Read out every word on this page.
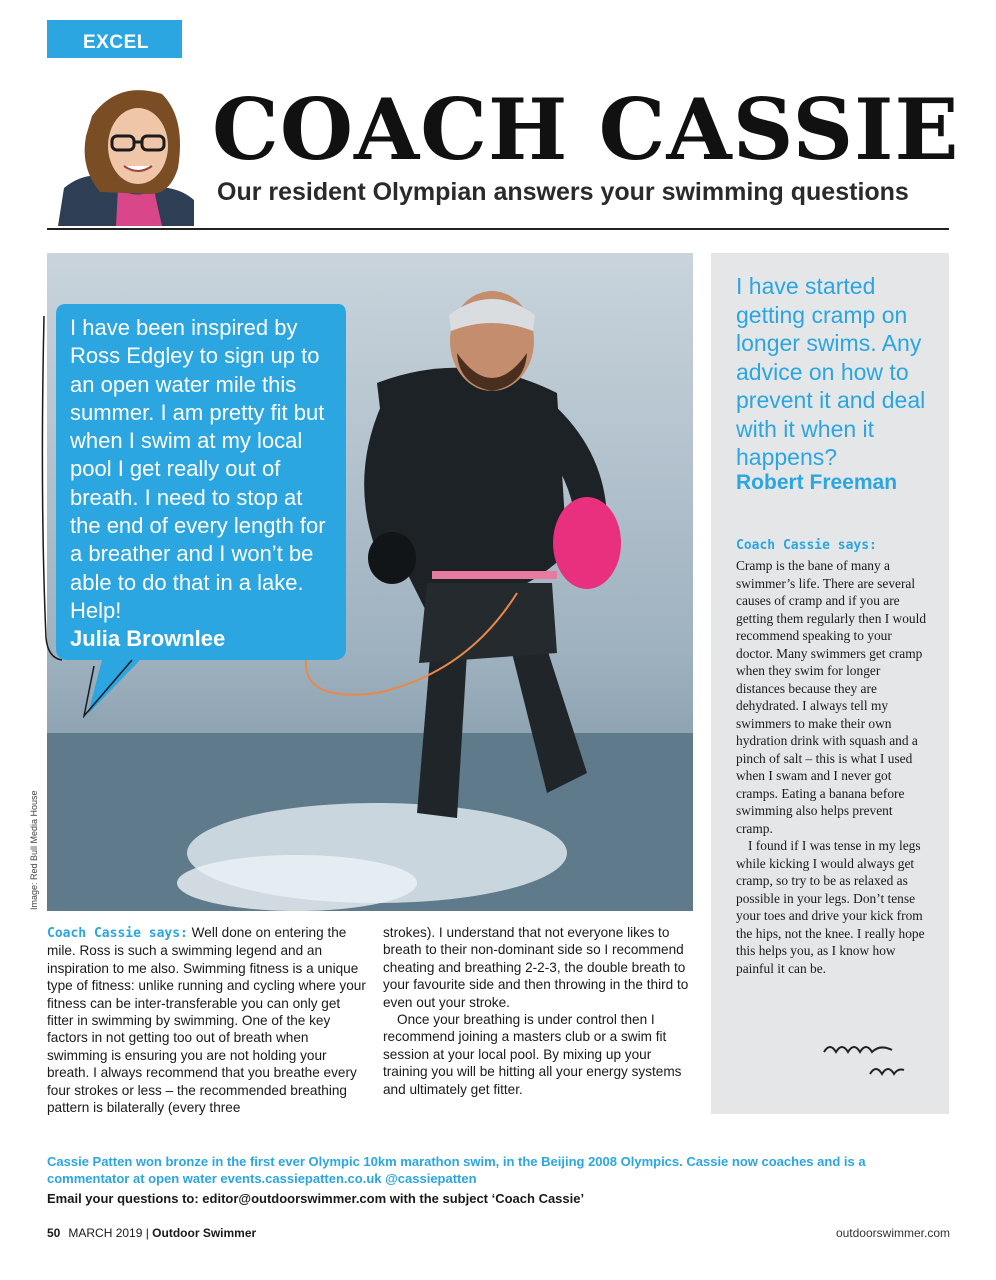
EXCEL
COACH CASSIE
Our resident Olympian answers your swimming questions
Image: Red Bull Media House
I have been inspired by Ross Edgley to sign up to an open water mile this summer. I am pretty fit but when I swim at my local pool I get really out of breath. I need to stop at the end of every length for a breather and I won’t be able to do that in a lake. Help!
Julia Brownlee
I have started getting cramp on longer swims. Any advice on how to prevent it and deal with it when it happens?
Robert Freeman
Coach Cassie says:

Cramp is the bane of many a swimmer’s life. There are several causes of cramp and if you are getting them regularly then I would recommend speaking to your doctor. Many swimmers get cramp when they swim for longer distances because they are dehydrated. I always tell my swimmers to make their own hydration drink with squash and a pinch of salt – this is what I used when I swam and I never got cramps. Eating a banana before swimming also helps prevent cramp.

I found if I was tense in my legs while kicking I would always get cramp, so try to be as relaxed as possible in your legs. Don’t tense your toes and drive your kick from the hips, not the knee. I really hope this helps you, as I know how painful it can be.

Coach Cassie says: Well done on entering the mile. Ross is such a swimming legend and an inspiration to me also. Swimming fitness is a unique type of fitness: unlike running and cycling where your fitness can be inter-transferable you can only get fitter in swimming by swimming. One of the key factors in not getting too out of breath when swimming is ensuring you are not holding your breath. I always recommend that you breathe every four strokes or less – the recommended breathing pattern is bilaterally (every three

strokes). I understand that not everyone likes to breath to their non-dominant side so I recommend cheating and breathing 2-2-3, the double breath to your favourite side and then throwing in the third to even out your stroke.

Once your breathing is under control then I recommend joining a masters club or a swim fit session at your local pool. By mixing up your training you will be hitting all your energy systems and ultimately get fitter.

Cassie Patten won bronze in the first ever Olympic 10km marathon swim, in the Beijing 2008 Olympics. Cassie now coaches and is a commentator at open water events.cassiepatten.co.uk @cassiepatten
Email your questions to: editor@outdoorswimmer.com with the subject ‘Coach Cassie’
50 MARCH 2019 | Outdoor Swimmer	outdoorswimmer.com
